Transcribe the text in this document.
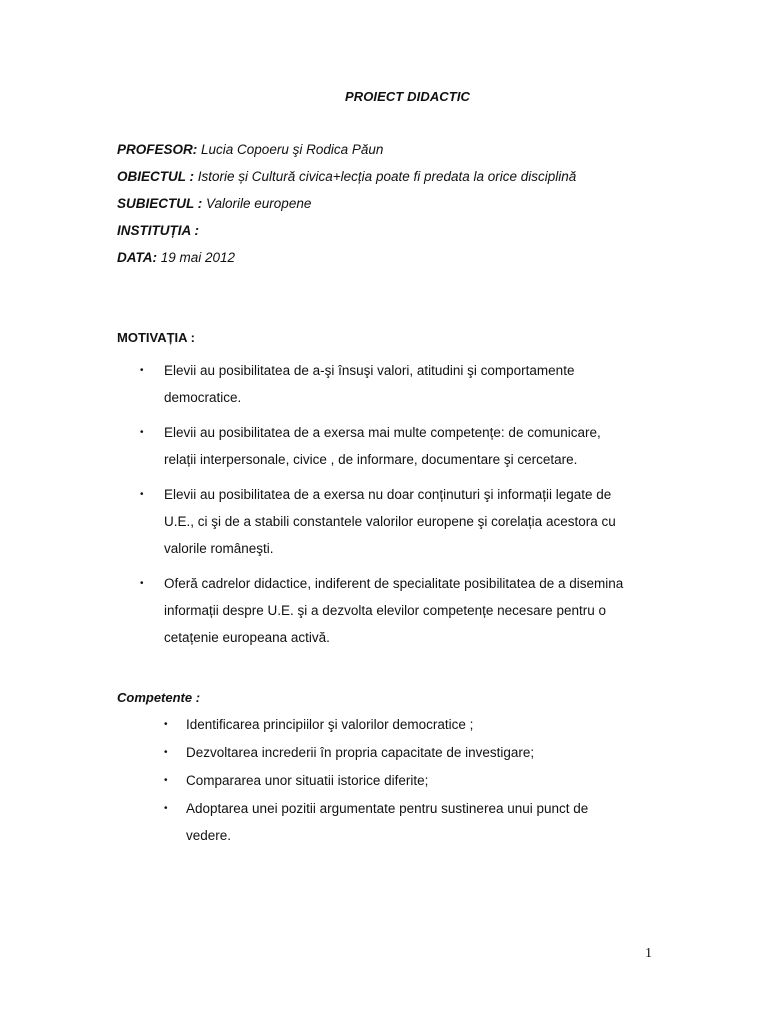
PROIECT DIDACTIC
PROFESOR: Lucia Copoeru şi Rodica Păun
OBIECTUL : Istorie și Cultură civica+lecția poate fi predata la orice disciplină
SUBIECTUL : Valorile europene
INSTITUȚIA :
DATA: 19 mai 2012
MOTIVAȚIA :
• Elevii au posibilitatea de a-şi însuşi valori, atitudini şi comportamente
democratice.
• Elevii au posibilitatea de a exersa mai multe competențe: de comunicare,
relații interpersonale, civice , de informare, documentare şi cercetare.
• Elevii au posibilitatea de a exersa nu doar conținuturi şi informații legate de
U.E., ci şi de a stabili constantele valorilor europene şi corelația acestora cu
valorile româneşti.
• Oferă cadrelor didactice, indiferent de specialitate posibilitatea de a disemina
informații despre U.E. şi a dezvolta elevilor competențe necesare pentru o
cetațenie europeana activă.
Competente :
• Identificarea principiilor şi valorilor democratice ;
• Dezvoltarea increderii în propria capacitate de investigare;
• Compararea unor situatii istorice diferite;
• Adoptarea unei pozitii argumentate pentru sustinerea unui punct de
vedere.
1
